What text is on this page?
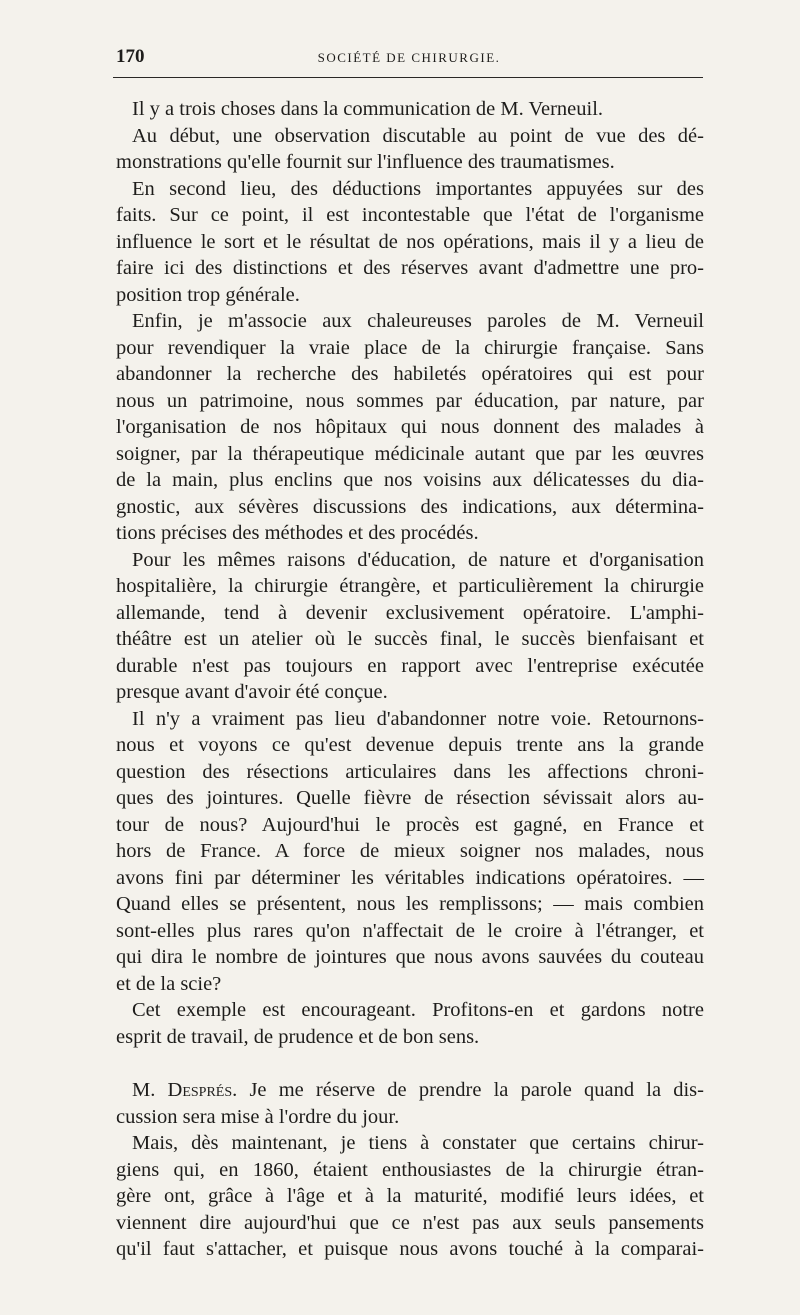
170	SOCIÉTÉ DE CHIRURGIE.
Il y a trois choses dans la communication de M. Verneuil.
Au début, une observation discutable au point de vue des dé-
monstrations qu'elle fournit sur l'influence des traumatismes.
En second lieu, des déductions importantes appuyées sur des
faits. Sur ce point, il est incontestable que l'état de l'organisme
influence le sort et le résultat de nos opérations, mais il y a lieu de
faire ici des distinctions et des réserves avant d'admettre une pro-
position trop générale.
Enfin, je m'associe aux chaleureuses paroles de M. Verneuil
pour revendiquer la vraie place de la chirurgie française. Sans
abandonner la recherche des habiletés opératoires qui est pour
nous un patrimoine, nous sommes par éducation, par nature, par
l'organisation de nos hôpitaux qui nous donnent des malades à
soigner, par la thérapeutique médicinale autant que par les œuvres
de la main, plus enclins que nos voisins aux délicatesses du dia-
gnostic, aux sévères discussions des indications, aux détermina-
tions précises des méthodes et des procédés.
Pour les mêmes raisons d'éducation, de nature et d'organisation
hospitalière, la chirurgie étrangère, et particulièrement la chirurgie
allemande, tend à devenir exclusivement opératoire. L'amphi-
théâtre est un atelier où le succès final, le succès bienfaisant et
durable n'est pas toujours en rapport avec l'entreprise exécutée
presque avant d'avoir été conçue.
Il n'y a vraiment pas lieu d'abandonner notre voie. Retournons-
nous et voyons ce qu'est devenue depuis trente ans la grande
question des résections articulaires dans les affections chroni-
ques des jointures. Quelle fièvre de résection sévissait alors au-
tour de nous? Aujourd'hui le procès est gagné, en France et
hors de France. A force de mieux soigner nos malades, nous
avons fini par déterminer les véritables indications opératoires. —
Quand elles se présentent, nous les remplissons; — mais combien
sont-elles plus rares qu'on n'affectait de le croire à l'étranger, et
qui dira le nombre de jointures que nous avons sauvées du couteau
et de la scie?
Cet exemple est encourageant. Profitons-en et gardons notre
esprit de travail, de prudence et de bon sens.
M. Després. Je me réserve de prendre la parole quand la dis-
cussion sera mise à l'ordre du jour.
Mais, dès maintenant, je tiens à constater que certains chirur-
giens qui, en 1860, étaient enthousiastes de la chirurgie étran-
gère ont, grâce à l'âge et à la maturité, modifié leurs idées, et
viennent dire aujourd'hui que ce n'est pas aux seuls pansements
qu'il faut s'attacher, et puisque nous avons touché à la comparai-
